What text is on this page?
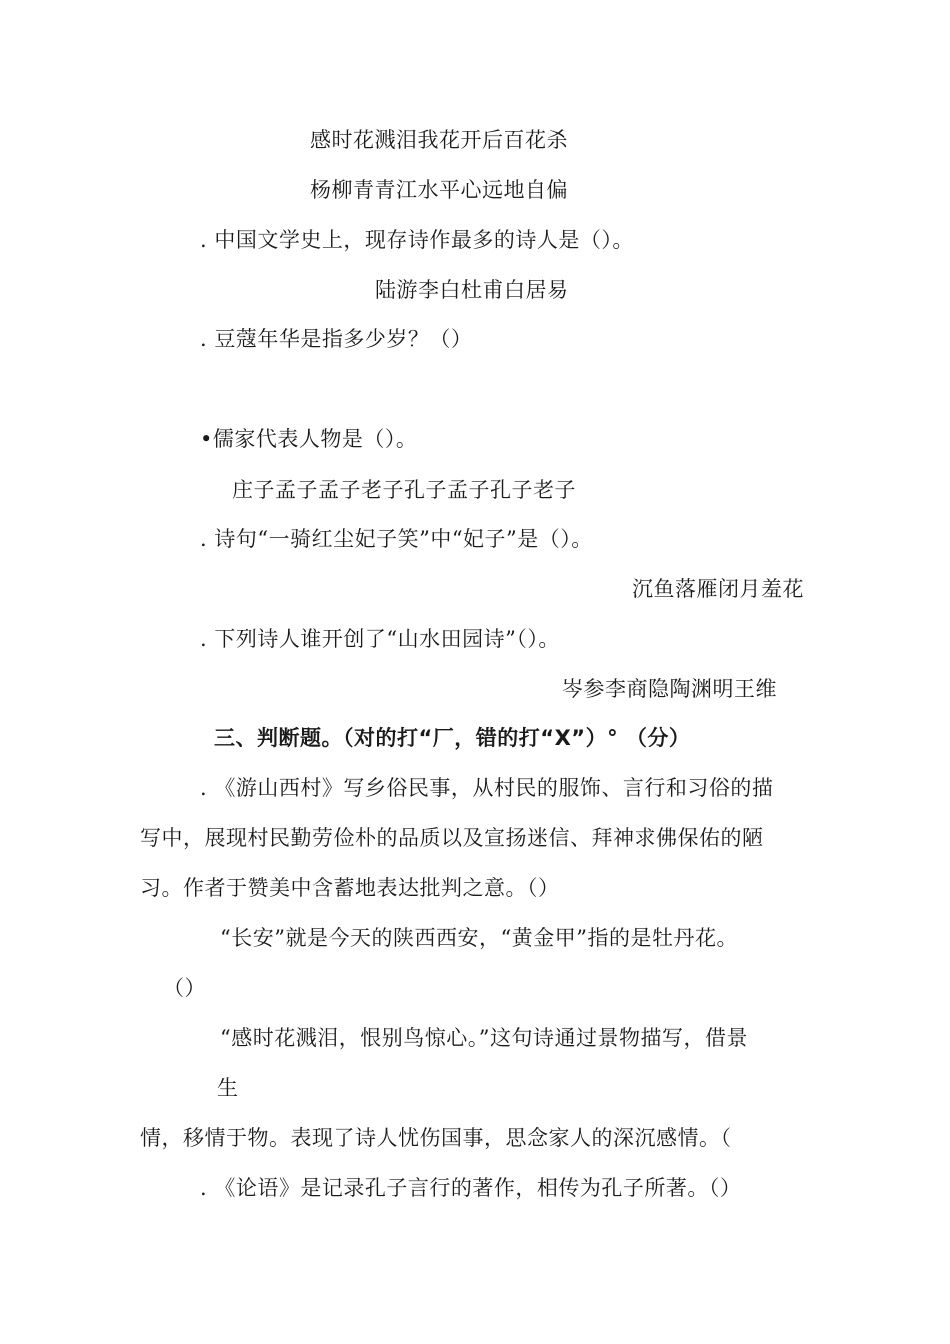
感时花溅泪我花开后百花杀
杨柳青青江水平心远地自偏
. 中国文学史上，现存诗作最多的诗人是（）。
陆游李白杜甫白居易
. 豆蔻年华是指多少岁？（）
•儒家代表人物是（）。
庄子孟子孟子老子孔子孟子孔子老子
. 诗句“一骑红尘妃子笑”中“妃子”是（）。
沉鱼落雁闭月羞花
. 下列诗人谁开创了“山水田园诗”（）。
岑参李商隐陶渊明王维
三、判断题。（对的打“厂，错的打“X”）° （分）
. 《游山西村》写乡俗民事，从村民的服饰、言行和习俗的描
写中，展现村民勤劳俭朴的品质以及宣扬迷信、拜神求佛保佑的陋
习。作者于赞美中含蓄地表达批判之意。（）
“长安”就是今天的陕西西安，“黄金甲”指的是牡丹花。
（）
“感时花溅泪，恨别鸟惊心。”这句诗通过景物描写，借景
生
情，移情于物。表现了诗人忧伤国事，思念家人的深沉感情。（
. 《论语》是记录孔子言行的著作，相传为孔子所著。（）
